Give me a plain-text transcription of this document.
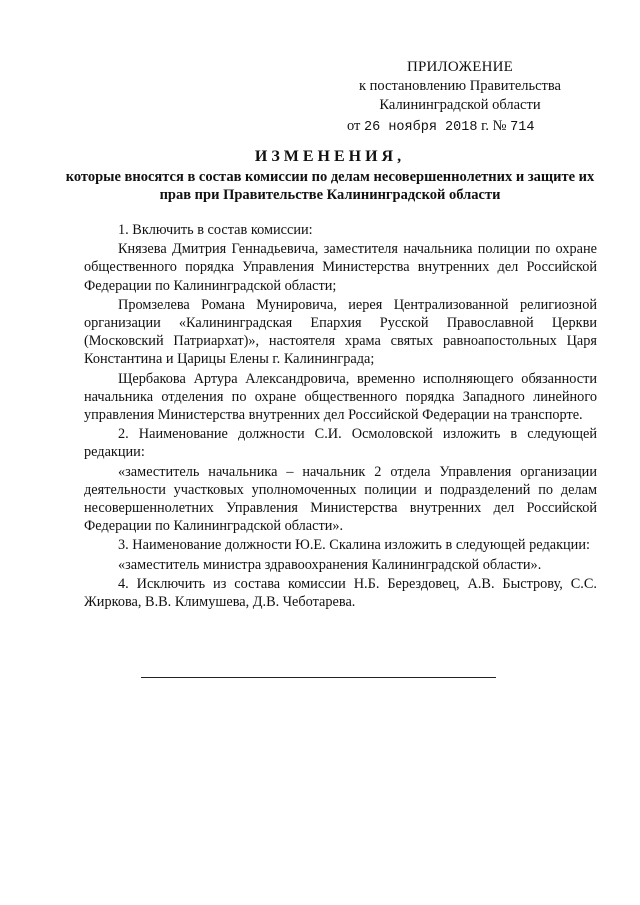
ПРИЛОЖЕНИЕ
к постановлению Правительства
Калининградской области
от 26 ноября 2018 г. № 714
ИЗМЕНЕНИЯ,
которые вносятся в состав комиссии по делам несовершеннолетних и защите их прав при Правительстве Калининградской области

1. Включить в состав комиссии:

Князева Дмитрия Геннадьевича, заместителя начальника полиции по охране общественного порядка Управления Министерства внутренних дел Российской Федерации по Калининградской области;

Промзелева Романа Мунировича, иерея Централизованной религиозной организации «Калининградская Епархия Русской Православной Церкви (Московский Патриархат)», настоятеля храма святых равноапостольных Царя Константина и Царицы Елены г. Калининграда;

Щербакова Артура Александровича, временно исполняющего обязанности начальника отделения по охране общественного порядка Западного линейного управления Министерства внутренних дел Российской Федерации на транспорте.

2. Наименование должности С.И. Осмоловской изложить в следующей редакции:

«заместитель начальника – начальник 2 отдела Управления организации деятельности участковых уполномоченных полиции и подразделений по делам несовершеннолетних Управления Министерства внутренних дел Российской Федерации по Калининградской области».

3. Наименование должности Ю.Е. Скалина изложить в следующей редакции:

«заместитель министра здравоохранения Калининградской области».

4. Исключить из состава комиссии Н.Б. Берездовец, А.В. Быстрову, С.С. Жиркова, В.В. Климушева, Д.В. Чеботарева.
